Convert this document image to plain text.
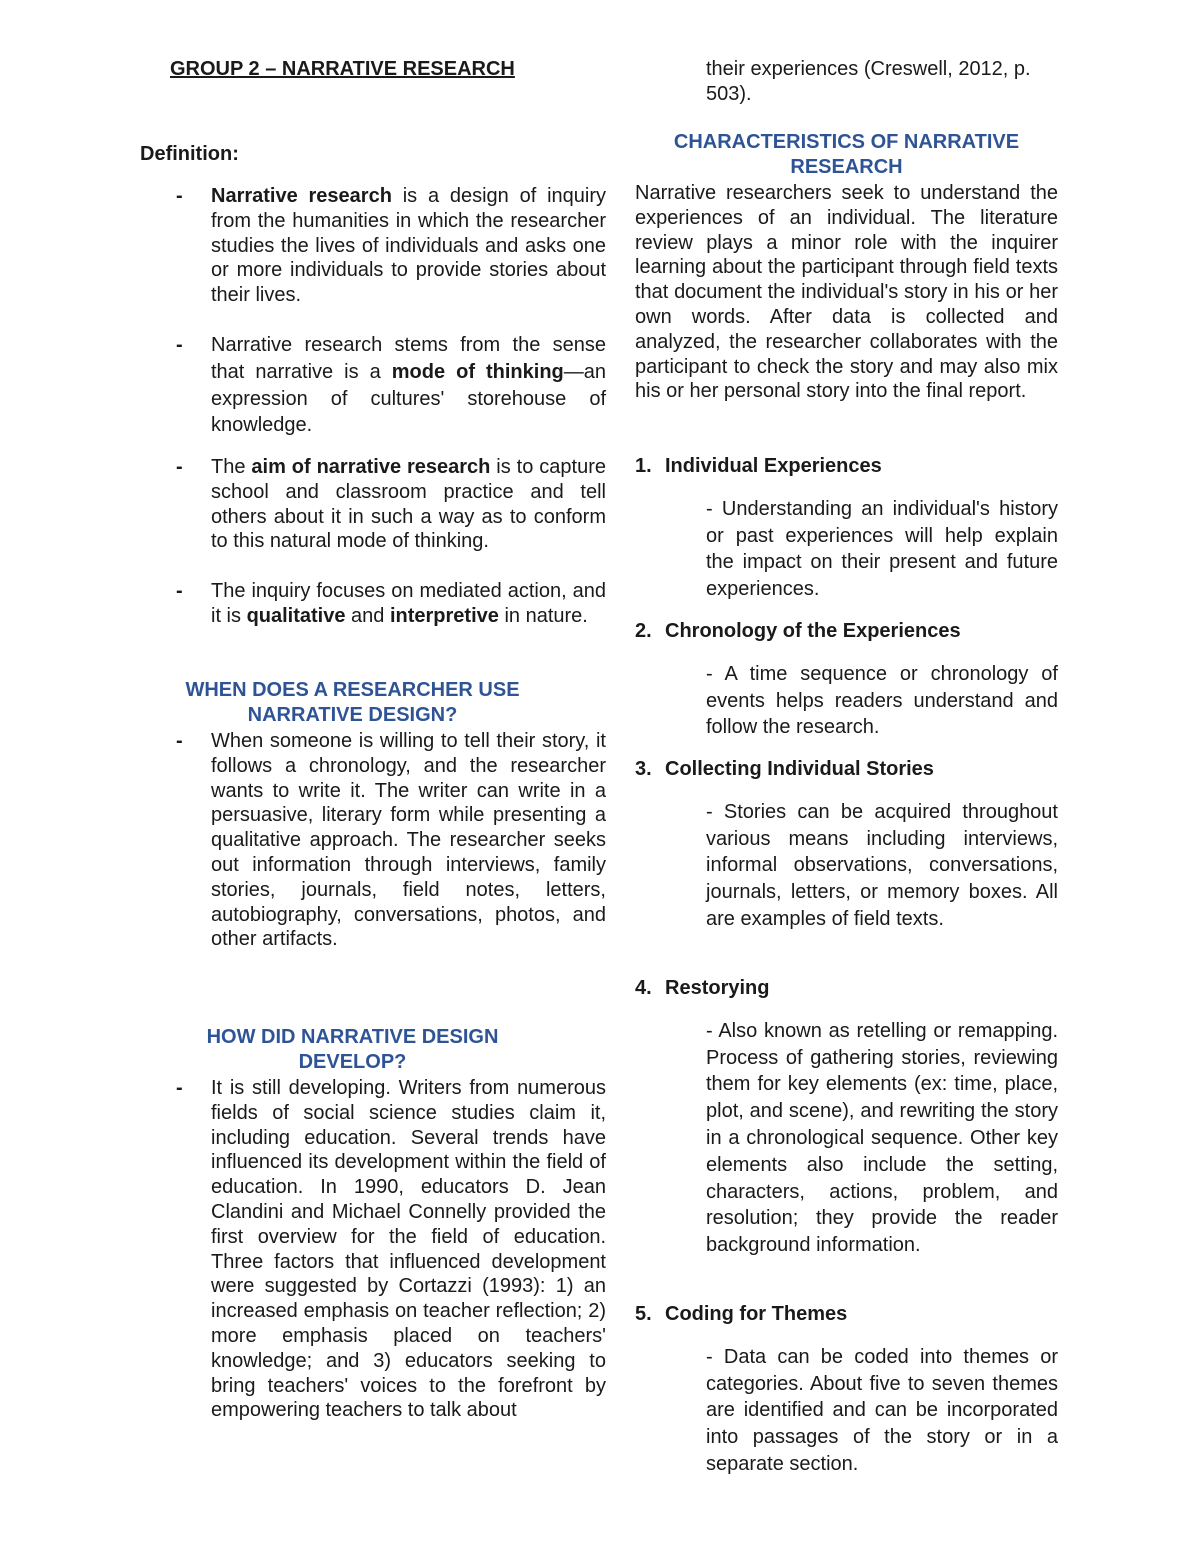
GROUP 2 – NARRATIVE RESEARCH
Definition:
- Narrative research is a design of inquiry from the humanities in which the researcher studies the lives of individuals and asks one or more individuals to provide stories about their lives.

- Narrative research stems from the sense that narrative is a mode of thinking—an expression of cultures' storehouse of knowledge.

- The aim of narrative research is to capture school and classroom practice and tell others about it in such a way as to conform to this natural mode of thinking.

- The inquiry focuses on mediated action, and it is qualitative and interpretive in nature.

WHEN DOES A RESEARCHER USE NARRATIVE DESIGN?
- When someone is willing to tell their story, it follows a chronology, and the researcher wants to write it. The writer can write in a persuasive, literary form while presenting a qualitative approach. The researcher seeks out information through interviews, family stories, journals, field notes, letters, autobiography, conversations, photos, and other artifacts.

HOW DID NARRATIVE DESIGN DEVELOP?
- It is still developing. Writers from numerous fields of social science studies claim it, including education. Several trends have influenced its development within the field of education. In 1990, educators D. Jean Clandini and Michael Connelly provided the first overview for the field of education. Three factors that influenced development were suggested by Cortazzi (1993): 1) an increased emphasis on teacher reflection; 2) more emphasis placed on teachers' knowledge; and 3) educators seeking to bring teachers' voices to the forefront by empowering teachers to talk about

their experiences (Creswell, 2012, p. 503).

CHARACTERISTICS OF NARRATIVE RESEARCH

Narrative researchers seek to understand the experiences of an individual. The literature review plays a minor role with the inquirer learning about the participant through field texts that document the individual's story in his or her own words. After data is collected and analyzed, the researcher collaborates with the participant to check the story and may also mix his or her personal story into the final report.

1. Individual Experiences

- Understanding an individual's history or past experiences will help explain the impact on their present and future experiences.

2. Chronology of the Experiences

- A time sequence or chronology of events helps readers understand and follow the research.

3. Collecting Individual Stories

- Stories can be acquired throughout various means including interviews, informal observations, conversations, journals, letters, or memory boxes. All are examples of field texts.

4. Restorying

- Also known as retelling or remapping. Process of gathering stories, reviewing them for key elements (ex: time, place, plot, and scene), and rewriting the story in a chronological sequence. Other key elements also include the setting, characters, actions, problem, and resolution; they provide the reader background information.

5. Coding for Themes

- Data can be coded into themes or categories. About five to seven themes are identified and can be incorporated into passages of the story or in a separate section.
